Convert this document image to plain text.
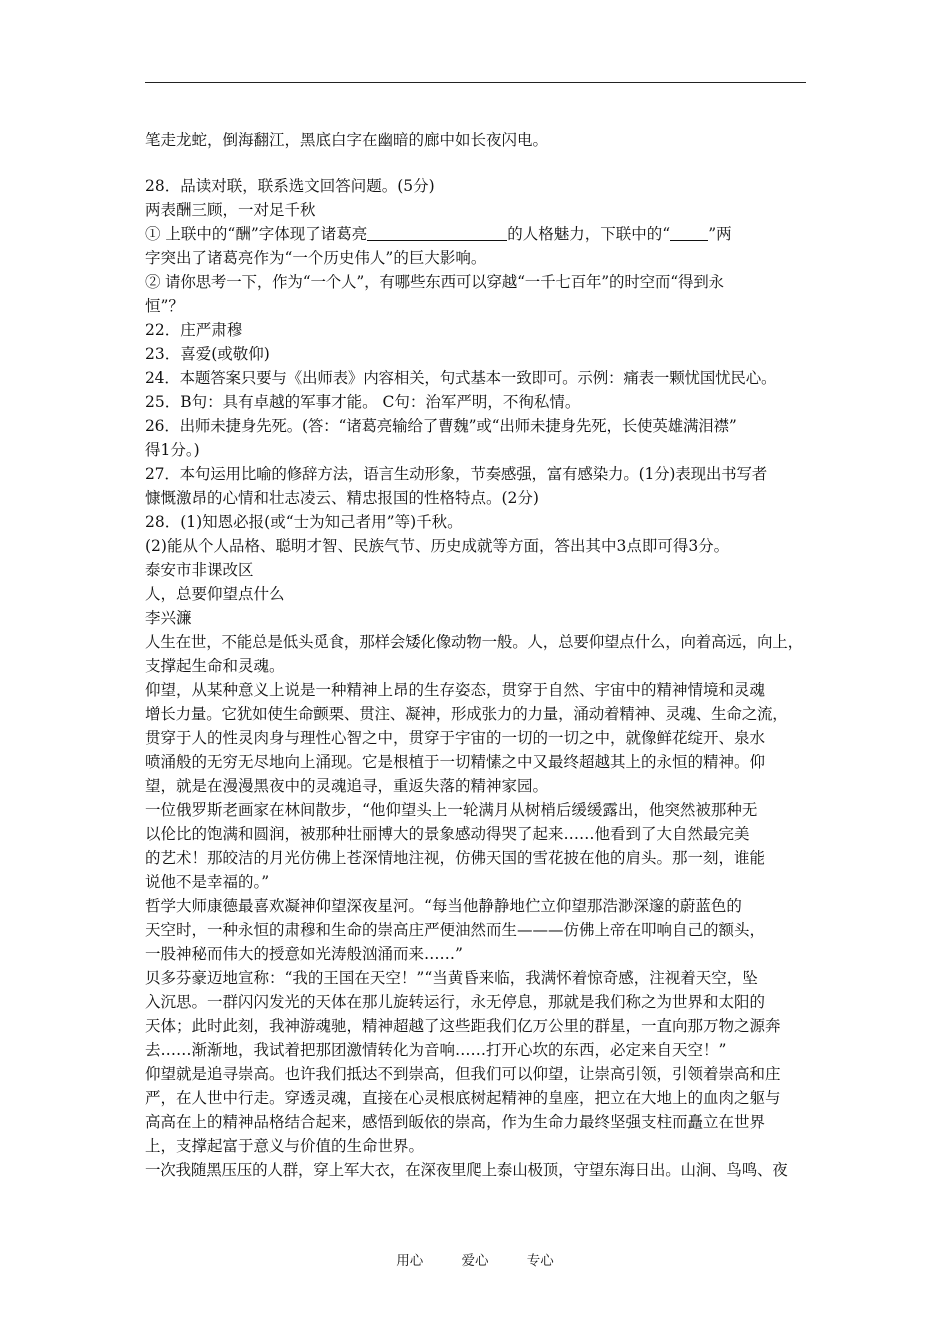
笔走龙蛇，倒海翻江，黑底白字在幽暗的廊中如长夜闪电。
28．品读对联，联系选文回答问题。(5分)
两表酬三顾，一对足千秋
① 上联中的“酬”字体现了诸葛亮	的人格魅力，下联中的“ ”两
字突出了诸葛亮作为“一个历史伟人”的巨大影响。
② 请你思考一下，作为“一个人”，有哪些东西可以穿越“一千七百年”的时空而“得到永
恒”？
22．庄严肃穆
23．喜爱(或敬仰)
24．本题答案只要与《出师表》内容相关，句式基本一致即可。示例：痛表一颗忧国忧民心。
25．B句：具有卓越的军事才能。 C句：治军严明，不徇私情。
26．出师未捷身先死。(答：“诸葛亮输给了曹魏”或“出师未捷身先死，长使英雄满泪襟”
得1分。)
27．本句运用比喻的修辞方法，语言生动形象，节奏感强，富有感染力。(1分)表现出书写者
慷慨激昂的心情和壮志凌云、精忠报国的性格特点。(2分)
28．(1)知恩必报(或“士为知己者用”等)千秋。
(2)能从个人品格、聪明才智、民族气节、历史成就等方面，答出其中3点即可得3分。
泰安市非课改区
人，总要仰望点什么
李兴濂
人生在世，不能总是低头觅食，那样会矮化像动物一般。人，总要仰望点什么，向着高远，向上，
支撑起生命和灵魂。
仰望，从某种意义上说是一种精神上昂的生存姿态，贯穿于自然、宇宙中的精神情境和灵魂
增长力量。它犹如使生命颤栗、贯注、凝神，形成张力的力量，涌动着精神、灵魂、生命之流，
贯穿于人的性灵肉身与理性心智之中，贯穿于宇宙的一切的一切之中，就像鲜花绽开、泉水
喷涌般的无穷无尽地向上涌现。它是根植于一切精愫之中又最终超越其上的永恒的精神。仰
望，就是在漫漫黑夜中的灵魂追寻，重返失落的精神家园。
一位俄罗斯老画家在林间散步，“他仰望头上一轮满月从树梢后缓缓露出，他突然被那种无
以伦比的饱满和圆润，被那种壮丽博大的景象感动得哭了起来……他看到了大自然最完美
的艺术！那皎洁的月光仿佛上苍深情地注视，仿佛天国的雪花披在他的肩头。那一刻，谁能
说他不是幸福的。”
哲学大师康德最喜欢凝神仰望深夜星河。“每当他静静地伫立仰望那浩渺深邃的蔚蓝色的
天空时，一种永恒的肃穆和生命的崇高庄严便油然而生———仿佛上帝在叩响自己的额头，
一股神秘而伟大的授意如光涛般汹涌而来……”
贝多芬豪迈地宣称：“我的王国在天空！”“当黄昏来临，我满怀着惊奇感，注视着天空，坠
入沉思。一群闪闪发光的天体在那儿旋转运行，永无停息，那就是我们称之为世界和太阳的
天体；此时此刻，我神游魂驰，精神超越了这些距我们亿万公里的群星，一直向那万物之源奔
去……渐渐地，我试着把那团激情转化为音响……打开心坎的东西，必定来自天空！”
仰望就是追寻崇高。也许我们抵达不到崇高，但我们可以仰望，让崇高引领，引领着崇高和庄
严，在人世中行走。穿透灵魂，直接在心灵根底树起精神的皇座，把立在大地上的血肉之躯与
高高在上的精神品格结合起来，感悟到皈依的崇高，作为生命力最终坚强支柱而矗立在世界
上，支撑起富于意义与价值的生命世界。
一次我随黑压压的人群，穿上军大衣，在深夜里爬上泰山极顶，守望东海日出。山涧、鸟鸣、夜
用心	爱心	专心
